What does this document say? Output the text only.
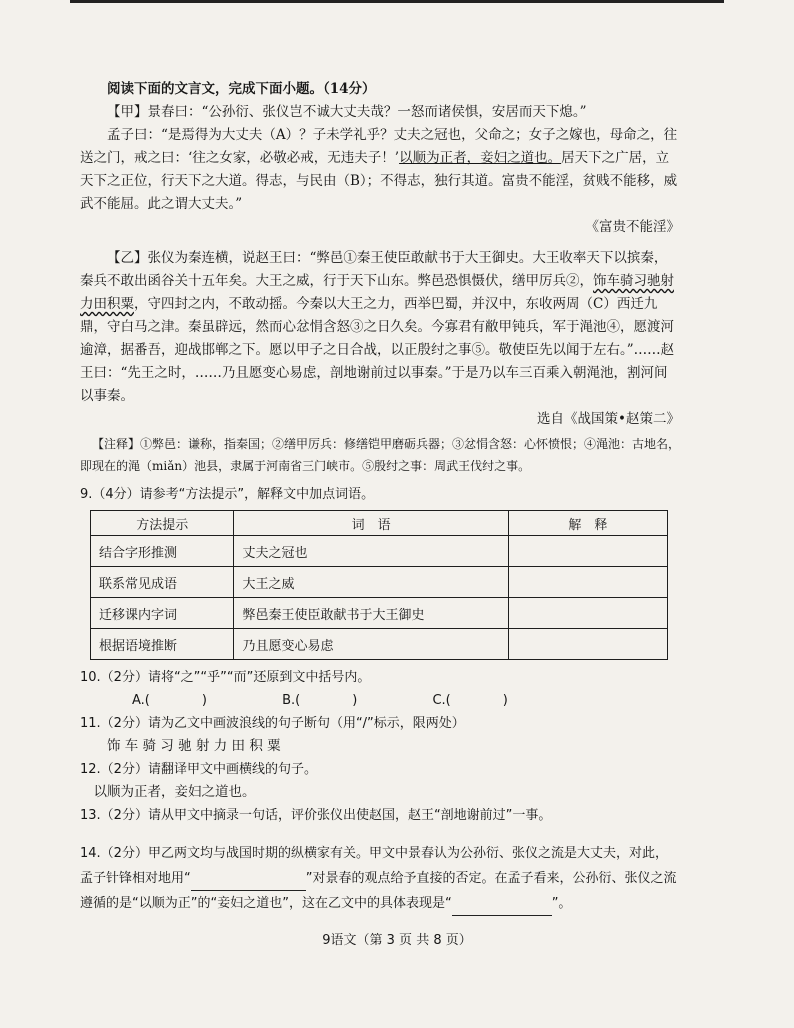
阅读下面的文言文，完成下面小题。（14分）

【甲】景春曰：“公孙衍、张仪岂不诚大丈夫哉？一怒而诸侯惧，安居而天下熄。”

孟子曰：“是焉得为大丈夫（A）？子未学礼乎？丈夫之冠也，父命之；女子之嫁也，母命之，往送之门，戒之曰：‘往之女家，必敬必戒，无违夫子！’以顺为正者，妾妇之道也。居天下之广居，立天下之正位，行天下之大道。得志，与民由（B）；不得志，独行其道。富贵不能淫，贫贱不能移，威武不能屈。此之谓大丈夫。”

《富贵不能淫》

【乙】张仪为秦连横，说赵王曰：“弊邑①秦王使臣敢献书于大王御史。大王收率天下以摈秦，秦兵不敢出函谷关十五年矣。大王之威，行于天下山东。弊邑恐惧慑伏，缮甲厉兵②，饰车骑习驰射力田积粟，守四封之内，不敢动摇。今秦以大王之力，西举巴蜀，并汉中，东收两周（C）西迁九鼎，守白马之津。秦虽辟远，然而心忿悁含怒③之日久矣。今寡君有敝甲钝兵，军于渑池④，愿渡河逾漳，据番吾，迎战邯郸之下。愿以甲子之日合战，以正殷纣之事⑤。敬使臣先以闻于左右。”……赵王曰：“先王之时，……乃且愿变心易虑，剖地谢前过以事秦。”于是乃以车三百乘入朝渑池，割河间以事秦。

选自《战国策•赵策二》

【注释】①弊邑：谦称，指秦国；②缮甲厉兵：修缮铠甲磨砺兵器；③忿悁含怒：心怀愤恨；④渑池：古地名，即现在的渑（miǎn）池县，隶属于河南省三门峡市。⑤殷纣之事：周武王伐纣之事。

9.（4分）请参考“方法提示”，解释文中加点词语。

方法提示	词　语	解　释
结合字形推测	丈夫之冠也	
联系常见成语	大王之威	
迁移课内字词	弊邑秦王使臣敢献书于大王御史	
根据语境推断	乃且愿变心易虑	

10.（2分）请将“之”“乎”“而”还原到文中括号内。

A.(　　　　)	B.(　　　　)	C.(　　　　)

11.（2分）请为乙文中画波浪线的句子断句（用“/”标示，限两处）

饰 车 骑 习 驰 射 力 田 积 粟

12.（2分）请翻译甲文中画横线的句子。

以顺为正者，妾妇之道也。

13.（2分）请从甲文中摘录一句话，评价张仪出使赵国，赵王“剖地谢前过”一事。

14.（2分）甲乙两文均与战国时期的纵横家有关。甲文中景春认为公孙衍、张仪之流是大丈夫，对此，孟子针锋相对地用“	”对景春的观点给予直接的否定。在孟子看来，公孙衍、张仪之流遵循的是“以顺为正”的“妾妇之道也”，这在乙文中的具体表现是“	”。

9语文（第 3 页 共 8 页）
